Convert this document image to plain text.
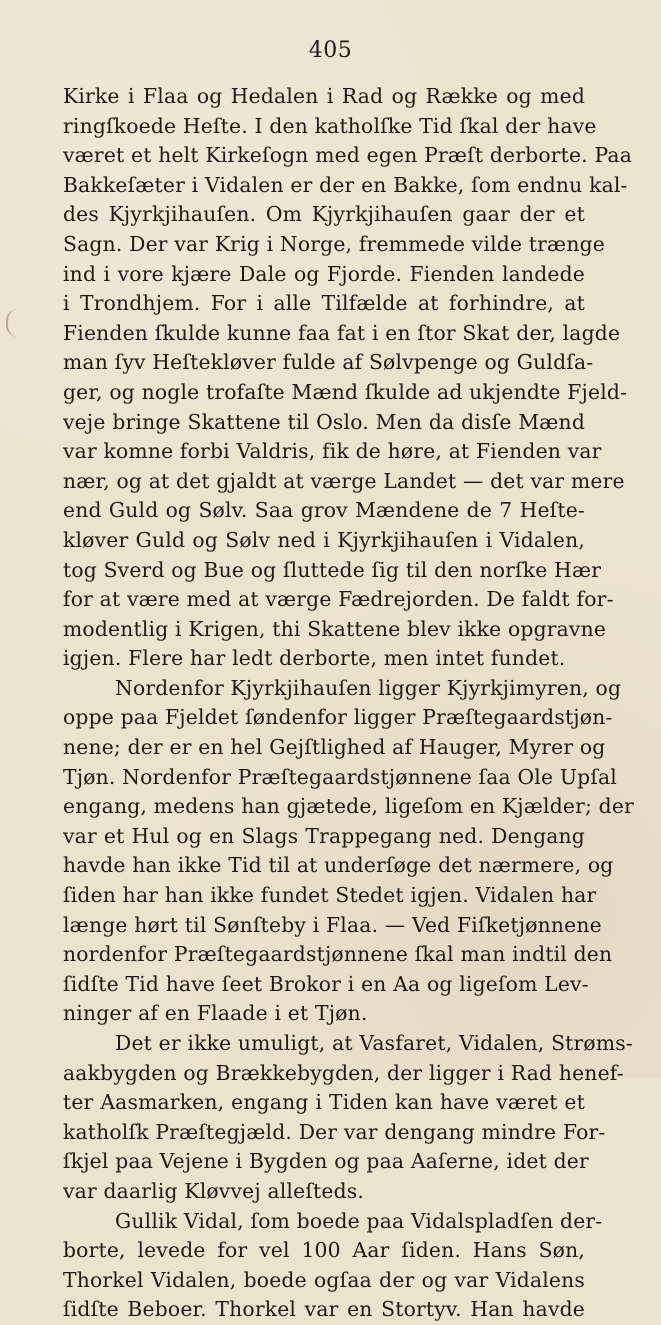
405
Kirke i Flaa og Hedalen i Rad og Række og med
ringſkoede Heſte. I den katholſke Tid ſkal der have
været et helt Kirkeſogn med egen Præſt derborte. Paa
Bakkeſæter i Vidalen er der en Bakke, ſom endnu kal-
des Kjyrkjihauſen. Om Kjyrkjihauſen gaar der et
Sagn. Der var Krig i Norge, fremmede vilde trænge
ind i vore kjære Dale og Fjorde. Fienden landede
i Trondhjem. For i alle Tilfælde at forhindre, at
Fienden ſkulde kunne faa fat i en ſtor Skat der, lagde
man ſyv Heſtekløver fulde af Sølvpenge og Guldſa-
ger, og nogle trofaſte Mænd ſkulde ad ukjendte Fjeld-
veje bringe Skattene til Oslo. Men da disſe Mænd
var komne forbi Valdris, fik de høre, at Fienden var
nær, og at det gjaldt at værge Landet — det var mere
end Guld og Sølv. Saa grov Mændene de 7 Heſte-
kløver Guld og Sølv ned i Kjyrkjihauſen i Vidalen,
tog Sverd og Bue og ſluttede ſig til den norſke Hær
for at være med at værge Fædrejorden. De faldt for-
modentlig i Krigen, thi Skattene blev ikke opgravne
igjen. Flere har ledt derborte, men intet fundet.
Nordenfor Kjyrkjihauſen ligger Kjyrkjimyren, og
oppe paa Fjeldet ſøndenfor ligger Præſtegaardstjøn-
nene; der er en hel Gejſtlighed af Hauger, Myrer og
Tjøn. Nordenfor Præſtegaardstjønnene ſaa Ole Upſal
engang, medens han gjætede, ligeſom en Kjælder; der
var et Hul og en Slags Trappegang ned. Dengang
havde han ikke Tid til at underſøge det nærmere, og
ſiden har han ikke fundet Stedet igjen. Vidalen har
længe hørt til Sønſteby i Flaa. — Ved Fiſketjønnene
nordenfor Præſtegaardstjønnene ſkal man indtil den
ſidſte Tid have ſeet Brokor i en Aa og ligeſom Lev-
ninger af en Flaade i et Tjøn.
Det er ikke umuligt, at Vasfaret, Vidalen, Strøms-
aakbygden og Brækkebygden, der ligger i Rad henef-
ter Aasmarken, engang i Tiden kan have været et
katholſk Præſtegjæld. Der var dengang mindre For-
ſkjel paa Vejene i Bygden og paa Aaſerne, idet der
var daarlig Kløvvej alleſteds.
Gullik Vidal, ſom boede paa Vidalspladſen der-
borte, levede for vel 100 Aar ſiden. Hans Søn,
Thorkel Vidalen, boede ogſaa der og var Vidalens
ſidſte Beboer. Thorkel var en Stortyv. Han havde
